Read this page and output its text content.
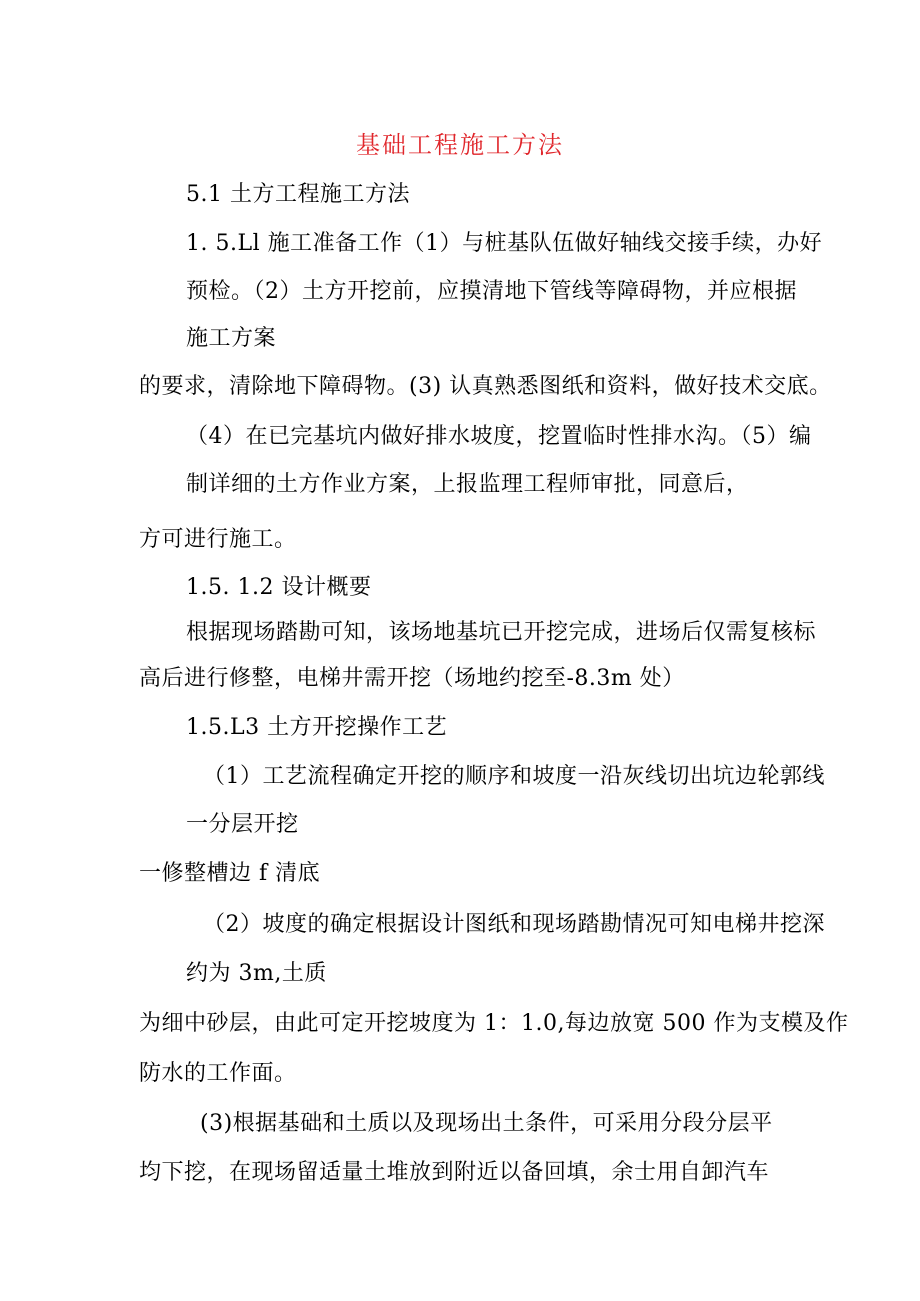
基础工程施工方法
5.1 土方工程施工方法
1. 5.Ll 施工准备工作（1）与桩基队伍做好轴线交接手续，办好
预检。（2）土方开挖前，应摸清地下管线等障碍物，并应根据
施工方案
的要求，清除地下障碍物。(3) 认真熟悉图纸和资料，做好技术交底。
（4）在已完基坑内做好排水坡度，挖置临时性排水沟。（5）编
制详细的土方作业方案，上报监理工程师审批，同意后，
方可进行施工。
1.5. 1.2 设计概要
根据现场踏勘可知，该场地基坑已开挖完成，进场后仅需复核标
高后进行修整，电梯井需开挖（场地约挖至-8.3m 处）
1.5.L3 土方开挖操作工艺
（1）工艺流程确定开挖的顺序和坡度一沿灰线切出坑边轮郭线
一分层开挖
一修整槽边 f 清底
（2）坡度的确定根据设计图纸和现场踏勘情况可知电梯井挖深
约为 3m,土质
为细中砂层，由此可定开挖坡度为 1：1.0,每边放宽 500 作为支模及作
防水的工作面。
(3)根据基础和土质以及现场出土条件，可采用分段分层平
均下挖，在现场留适量土堆放到附近以备回填，余士用自卸汽车
